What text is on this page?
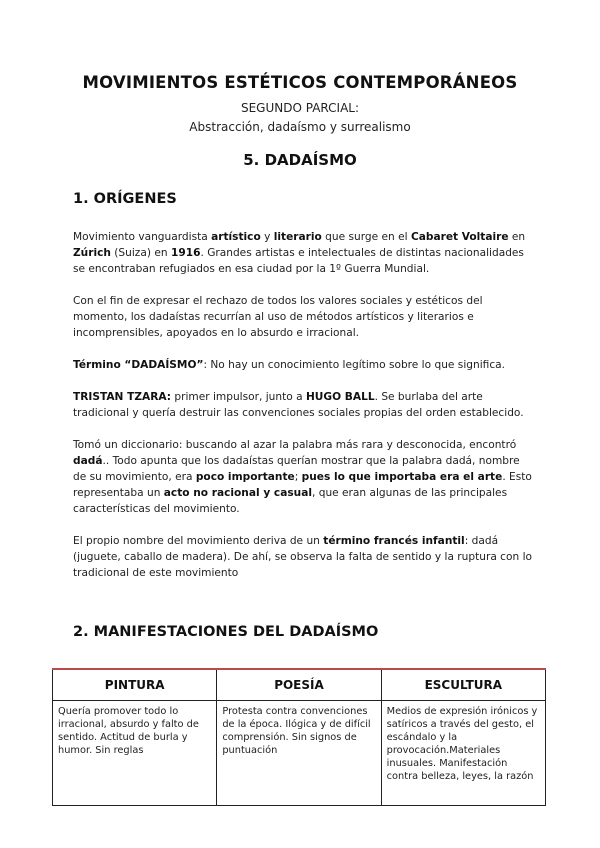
MOVIMIENTOS ESTÉTICOS CONTEMPORÁNEOS
SEGUNDO PARCIAL:
Abstracción, dadaísmo y surrealismo
5. DADAÍSMO
1. ORÍGENES

Movimiento vanguardista artístico y literario que surge en el Cabaret Voltaire en Zúrich (Suiza) en 1916. Grandes artistas e intelectuales de distintas nacionalidades se encontraban refugiados en esa ciudad por la 1º Guerra Mundial.

Con el fin de expresar el rechazo de todos los valores sociales y estéticos del momento, los dadaístas recurrían al uso de métodos artísticos y literarios e incomprensibles, apoyados en lo absurdo e irracional.

Término “DADAÍSMO”: No hay un conocimiento legítimo sobre lo que significa.

TRISTAN TZARA: primer impulsor, junto a HUGO BALL. Se burlaba del arte tradicional y quería destruir las convenciones sociales propias del orden establecido.

Tomó un diccionario: buscando al azar la palabra más rara y desconocida, encontró dadá.. Todo apunta que los dadaístas querían mostrar que la palabra dadá, nombre de su movimiento, era poco importante; pues lo que importaba era el arte. Esto representaba un acto no racional y casual, que eran algunas de las principales características del movimiento.

El propio nombre del movimiento deriva de un término francés infantil: dadá (juguete, caballo de madera). De ahí, se observa la falta de sentido y la ruptura con lo tradicional de este movimiento

2. MANIFESTACIONES DEL DADAÍSMO
PINTURA	POESÍA	ESCULTURA
Quería promover todo lo irracional, absurdo y falto de sentido. Actitud de burla y humor. Sin reglas	Protesta contra convenciones de la época. Ilógica y de difícil comprensión. Sin signos de puntuación	Medios de expresión irónicos y satíricos a través del gesto, el escándalo y la provocación.Materiales inusuales. Manifestación contra belleza, leyes, la razón
